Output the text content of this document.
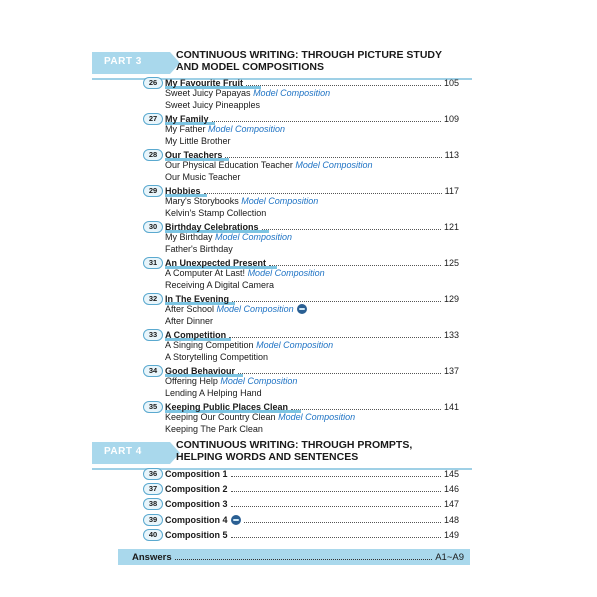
PART 3
CONTINUOUS WRITING: THROUGH PICTURE STUDY
AND MODEL COMPOSITIONS
26 My Favourite Fruit	105
Sweet Juicy Papayas Model Composition
Sweet Juicy Pineapples
27 My Family	109
My Father Model Composition
My Little Brother
28 Our Teachers	113
Our Physical Education Teacher Model Composition
Our Music Teacher
29 Hobbies	117
Mary's Storybooks Model Composition
Kelvin's Stamp Collection
30 Birthday Celebrations	121
My Birthday Model Composition
Father's Birthday
31 An Unexpected Present	125
A Computer At Last! Model Composition
Receiving A Digital Camera
32 In The Evening	129
After School Model Composition
After Dinner
33 A Competition	133
A Singing Competition Model Composition
A Storytelling Competition
34 Good Behaviour	137
Offering Help Model Composition
Lending A Helping Hand
35 Keeping Public Places Clean	141
Keeping Our Country Clean Model Composition
Keeping The Park Clean
PART 4
CONTINUOUS WRITING: THROUGH PROMPTS,
HELPING WORDS AND SENTENCES
36 Composition 1	145
37 Composition 2	146
38 Composition 3	147
39 Composition 4	148
40 Composition 5	149
Answers	A1~A9
